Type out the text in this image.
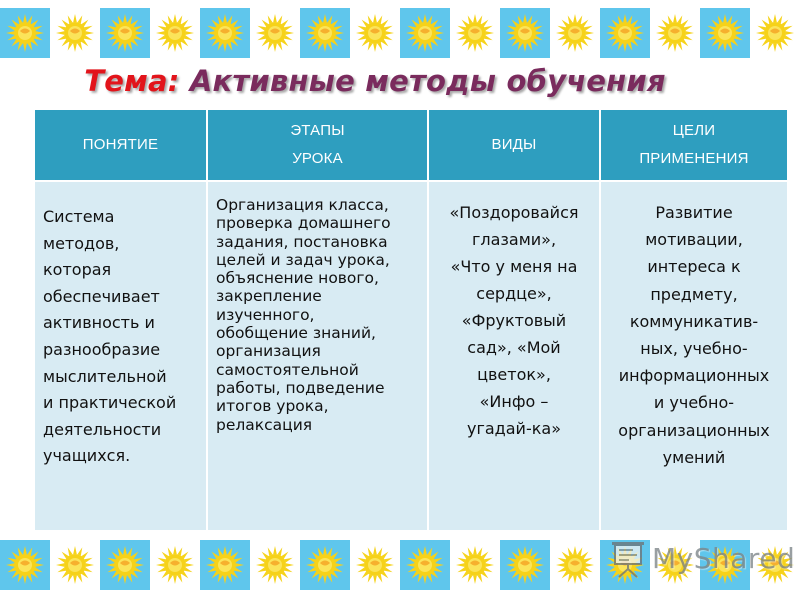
Тема: Активные методы обучения
ПОНЯТИЕ
ЭТАПЫ
УРОКА
ВИДЫ
ЦЕЛИ
ПРИМЕНЕНИЯ
Система
методов,
которая
обеспечивает
активность и
разнообразие
мыслительной
и практической
деятельности
учащихся.
Организация класса,
проверка домашнего
задания, постановка
целей и задач урока,
объяснение нового,
закрепление
изученного,
обобщение знаний,
организация
самостоятельной
работы, подведение
итогов урока,
релаксация
«Поздоровайся
глазами»,
«Что у меня на
сердце»,
«Фруктовый
сад», «Мой
цветок»,
«Инфо –
угадай-ка»
Развитие
мотивации,
интереса к
предмету,
коммуникатив-
ных, учебно-
информационных
и учебно-
организационных
умений
MyShared
